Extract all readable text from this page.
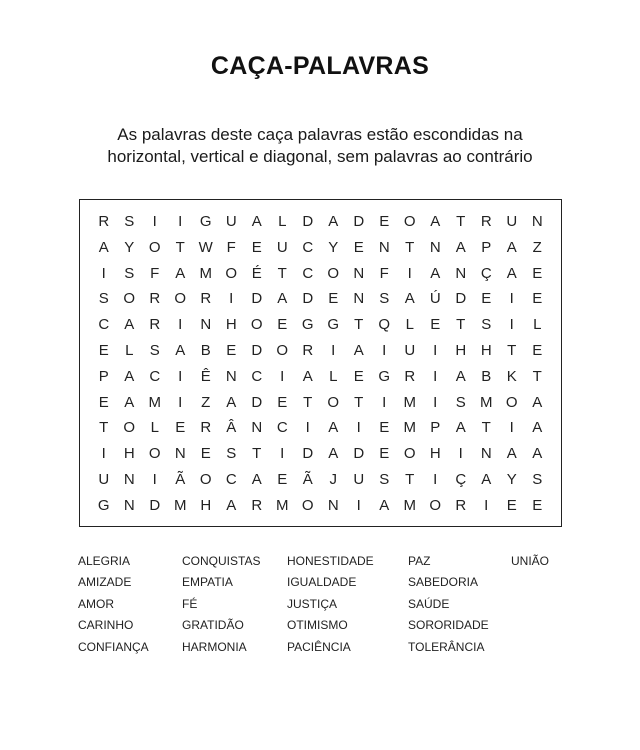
CAÇA-PALAVRAS
As palavras deste caça palavras estão escondidas na
horizontal, vertical e diagonal, sem palavras ao contrário
R	S	I	I	G U	A	L	D	A	D	E O A	T	R U N
A	Y O	T W F	E	U C	Y	E	N	T	N	A	P	A	Z
I	S	F	A M O É	T	C O N	F	I	A	N Ç	A	E
S O R O R	I	D	A	D	E	N	S	A	Ú D	E	I	E
C	A	R	I	N H O E G G	T	Q	L	E	T	S	I	L
E	L	S	A	B	E	D O R	I	A	I	U	I	H H	T	E
P	A	C	I	Ê	N C	I	A	L	E G R	I	A	B	K	T
E	A M	I	Z	A	D	E	T	O	T	I	M	I	S M O A
T	O	L	E	R	Â	N C	I	A	I	E M P	A	T	I	A
I	H O N	E	S	T	I	D	A	D	E O H	I	N	A	A
U N	I	Ã O C	A	E	Ã	J	U	S	T	I	Ç	A	Y	S
G N D M H	A	R M O N	I	A M O R	I	E	E
ALEGRIA
AMIZADE
AMOR
CARINHO
CONFIANÇA
CONQUISTAS
EMPATIA
FÉ
GRATIDÃO
HARMONIA
HONESTIDADE
IGUALDADE
JUSTIÇA
OTIMISMO
PACIÊNCIA
PAZ
SABEDORIA
SAÚDE
SORORIDADE
TOLERÂNCIA
UNIÃO
